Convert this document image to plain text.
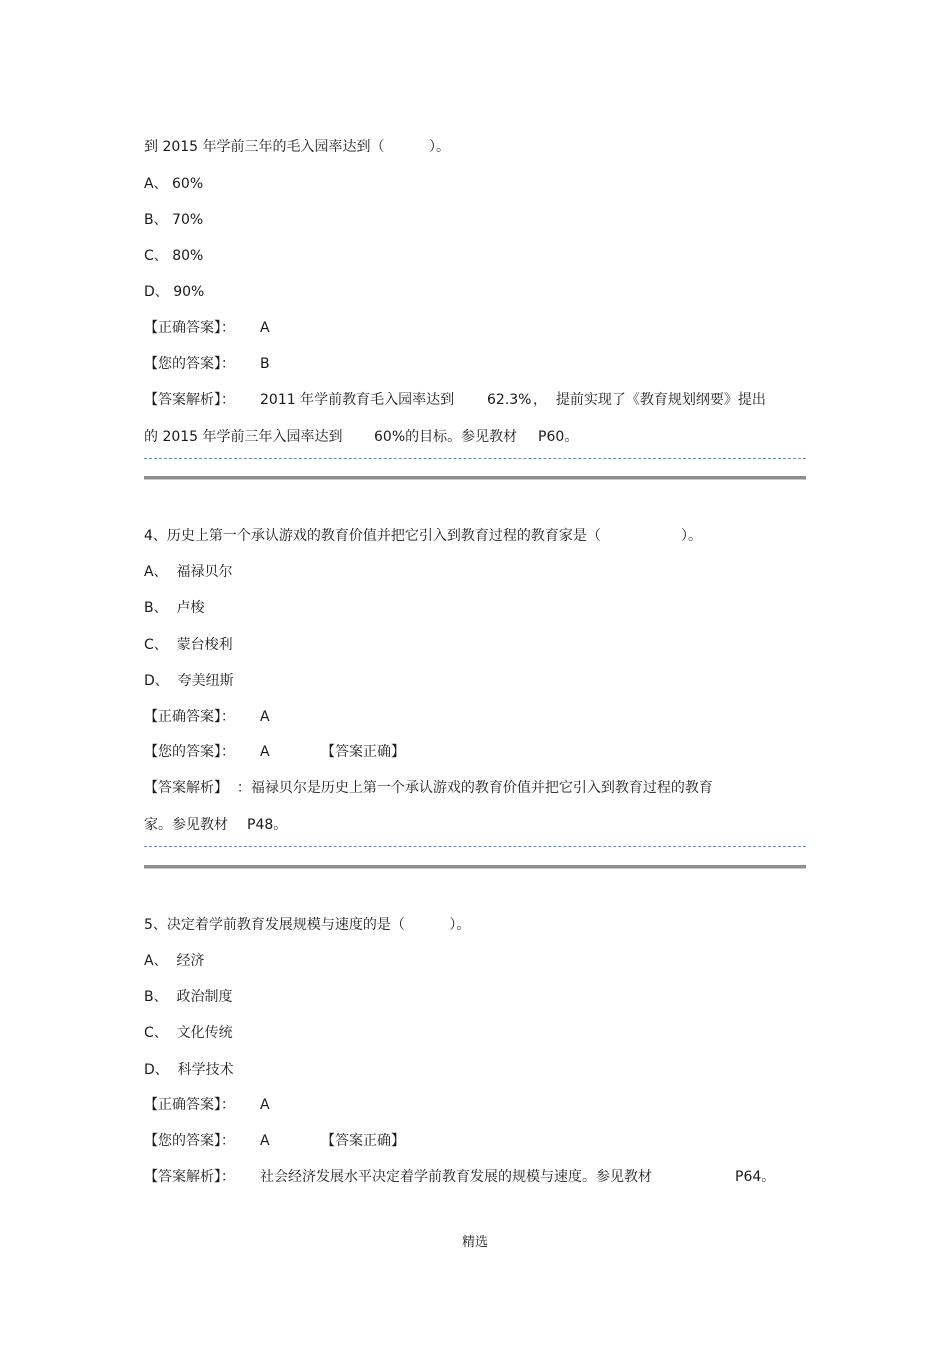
到 2015 年学前三年的毛入园率达到（          ）。
A、 60%
B、 70%
C、 80%
D、 90%
【正确答案】： A
【您的答案】： B
【答案解析】： 2011 年学前教育毛入园率达到 62.3% ，  提前实现了《教育规划纲要》提出
的 2015 年学前三年入园率达到 60%的目标。参见教材 P60。
4、历史上第一个承认游戏的教育价值并把它引入到教育过程的教育家是（                  ）。
A、  福禄贝尔
B、  卢梭
C、  蒙台梭利
D、  夸美纽斯
【正确答案】： A
【您的答案】： A	【答案正确】
【答案解析】  ：福禄贝尔是历史上第一个承认游戏的教育价值并把它引入到教育过程的教育
家。参见教材 P48。
5、决定着学前教育发展规模与速度的是（          ）。
A、  经济
B、  政治制度
C、  文化传统
D、  科学技术
【正确答案】： A
【您的答案】： A	【答案正确】
【答案解析】： 社会经济发展水平决定着学前教育发展的规模与速度。参见教材	P64。
精选
